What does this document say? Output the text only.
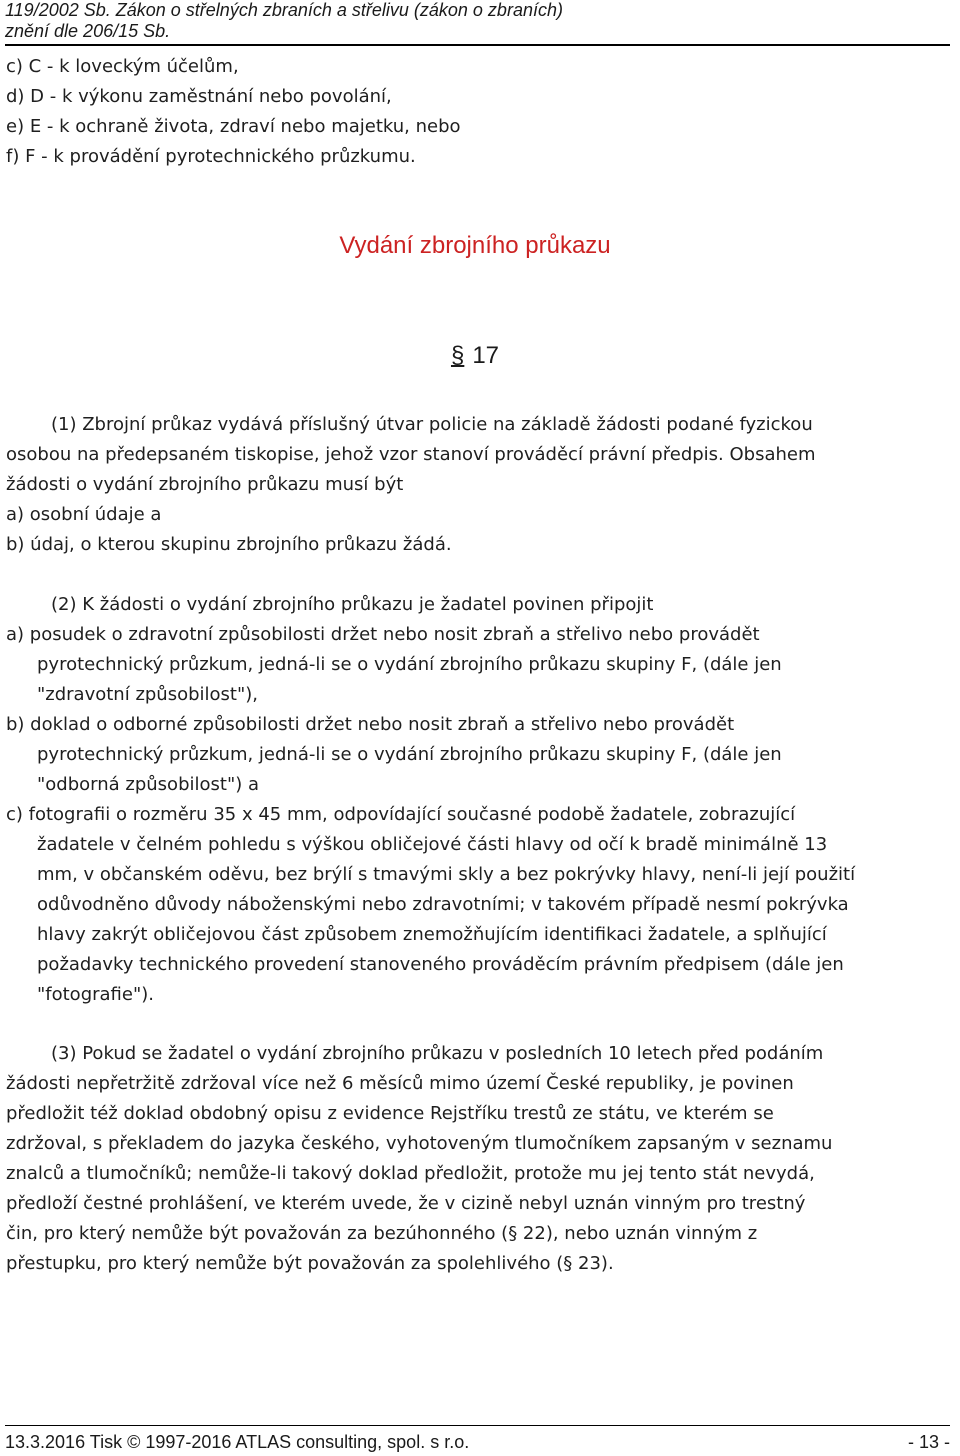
119/2002 Sb. Zákon o střelných zbraních a střelivu (zákon o zbraních)
znění dle 206/15 Sb.
c) C - k loveckým účelům,
d) D - k výkonu zaměstnání nebo povolání,
e) E - k ochraně života, zdraví nebo majetku, nebo
f) F - k provádění pyrotechnického průzkumu.
Vydání zbrojního průkazu
§ 17
(1) Zbrojní průkaz vydává příslušný útvar policie na základě žádosti podané fyzickou
osobou na předepsaném tiskopise, jehož vzor stanoví prováděcí právní předpis. Obsahem
žádosti o vydání zbrojního průkazu musí být
a) osobní údaje a
b) údaj, o kterou skupinu zbrojního průkazu žádá.
(2) K žádosti o vydání zbrojního průkazu je žadatel povinen připojit
a) posudek o zdravotní způsobilosti držet nebo nosit zbraň a střelivo nebo provádět
pyrotechnický průzkum, jedná-li se o vydání zbrojního průkazu skupiny F, (dále jen
"zdravotní způsobilost"),
b) doklad o odborné způsobilosti držet nebo nosit zbraň a střelivo nebo provádět
pyrotechnický průzkum, jedná-li se o vydání zbrojního průkazu skupiny F, (dále jen
"odborná způsobilost") a
c) fotografii o rozměru 35 x 45 mm, odpovídající současné podobě žadatele, zobrazující
žadatele v čelném pohledu s výškou obličejové části hlavy od očí k bradě minimálně 13
mm, v občanském oděvu, bez brýlí s tmavými skly a bez pokrývky hlavy, není-li její použití
odůvodněno důvody náboženskými nebo zdravotními; v takovém případě nesmí pokrývka
hlavy zakrýt obličejovou část způsobem znemožňujícím identifikaci žadatele, a splňující
požadavky technického provedení stanoveného prováděcím právním předpisem (dále jen
"fotografie").
(3) Pokud se žadatel o vydání zbrojního průkazu v posledních 10 letech před podáním
žádosti nepřetržitě zdržoval více než 6 měsíců mimo území České republiky, je povinen
předložit též doklad obdobný opisu z evidence Rejstříku trestů ze státu, ve kterém se
zdržoval, s překladem do jazyka českého, vyhotoveným tlumočníkem zapsaným v seznamu
znalců a tlumočníků; nemůže-li takový doklad předložit, protože mu jej tento stát nevydá,
předloží čestné prohlášení, ve kterém uvede, že v cizině nebyl uznán vinným pro trestný
čin, pro který nemůže být považován za bezúhonného (§ 22), nebo uznán vinným z
přestupku, pro který nemůže být považován za spolehlivého (§ 23).
13.3.2016 Tisk © 1997-2016 ATLAS consulting, spol. s r.o.	- 13 -
